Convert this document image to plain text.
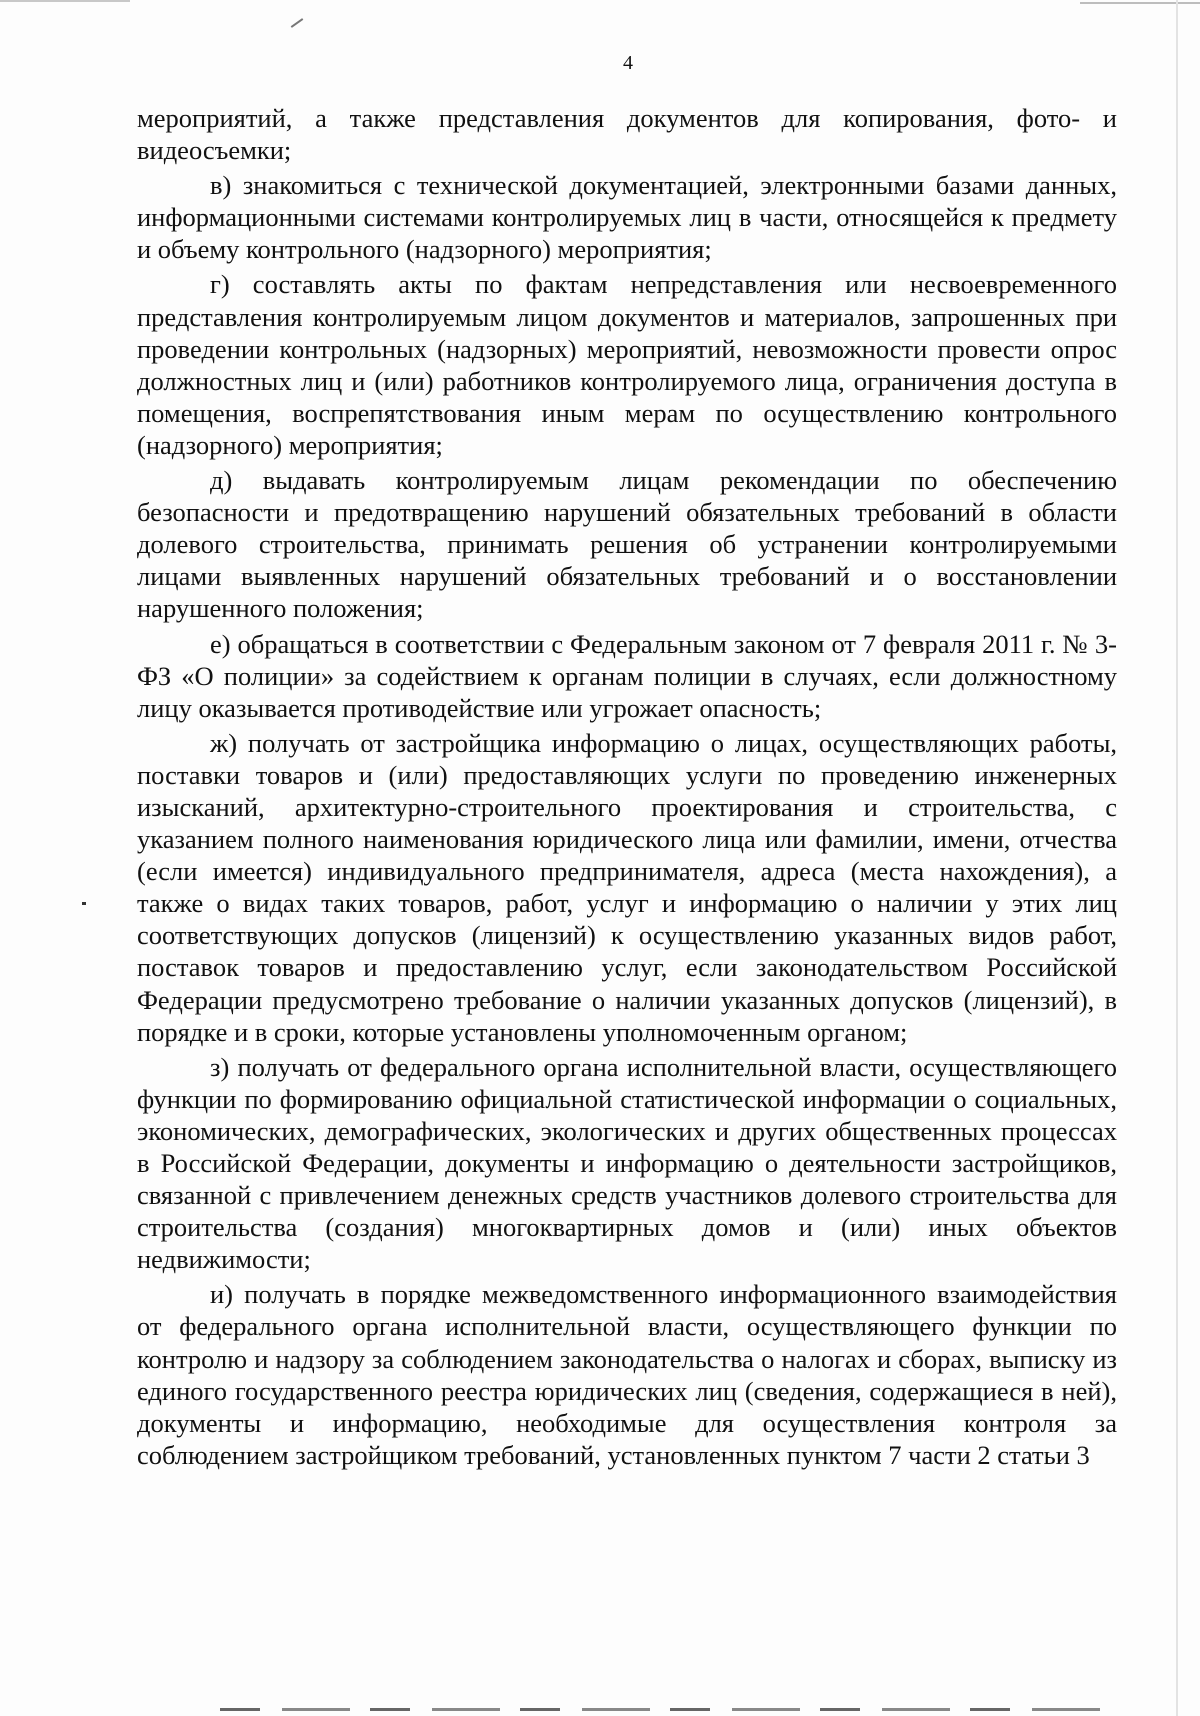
4

мероприятий, а также представления документов для копирования, фото- и видеосъемки;

в) знакомиться с технической документацией, электронными базами данных, информационными системами контролируемых лиц в части, относящейся к предмету и объему контрольного (надзорного) мероприятия;

г) составлять акты по фактам непредставления или несвоевременного представления контролируемым лицом документов и материалов, запрошенных при проведении контрольных (надзорных) мероприятий, невозможности провести опрос должностных лиц и (или) работников контролируемого лица, ограничения доступа в помещения, воспрепятствования иным мерам по осуществлению контрольного (надзорного) мероприятия;

д) выдавать контролируемым лицам рекомендации по обеспечению безопасности и предотвращению нарушений обязательных требований в области долевого строительства, принимать решения об устранении контролируемыми лицами выявленных нарушений обязательных требований и о восстановлении нарушенного положения;

е) обращаться в соответствии с Федеральным законом от 7 февраля 2011 г. № 3-ФЗ «О полиции» за содействием к органам полиции в случаях, если должностному лицу оказывается противодействие или угрожает опасность;

ж) получать от застройщика информацию о лицах, осуществляющих работы, поставки товаров и (или) предоставляющих услуги по проведению инженерных изысканий, архитектурно-строительного проектирования и строительства, с указанием полного наименования юридического лица или фамилии, имени, отчества (если имеется) индивидуального предпринимателя, адреса (места нахождения), а также о видах таких товаров, работ, услуг и информацию о наличии у этих лиц соответствующих допусков (лицензий) к осуществлению указанных видов работ, поставок товаров и предоставлению услуг, если законодательством Российской Федерации предусмотрено требование о наличии указанных допусков (лицензий), в порядке и в сроки, которые установлены уполномоченным органом;

з) получать от федерального органа исполнительной власти, осуществляющего функции по формированию официальной статистической информации о социальных, экономических, демографических, экологических и других общественных процессах в Российской Федерации, документы и информацию о деятельности застройщиков, связанной с привлечением денежных средств участников долевого строительства для строительства (создания) многоквартирных домов и (или) иных объектов недвижимости;

и) получать в порядке межведомственного информационного взаимодействия от федерального органа исполнительной власти, осуществляющего функции по контролю и надзору за соблюдением законодательства о налогах и сборах, выписку из единого государственного реестра юридических лиц (сведения, содержащиеся в ней), документы и информацию, необходимые для осуществления контроля за соблюдением застройщиком требований, установленных пунктом 7 части 2 статьи 3
